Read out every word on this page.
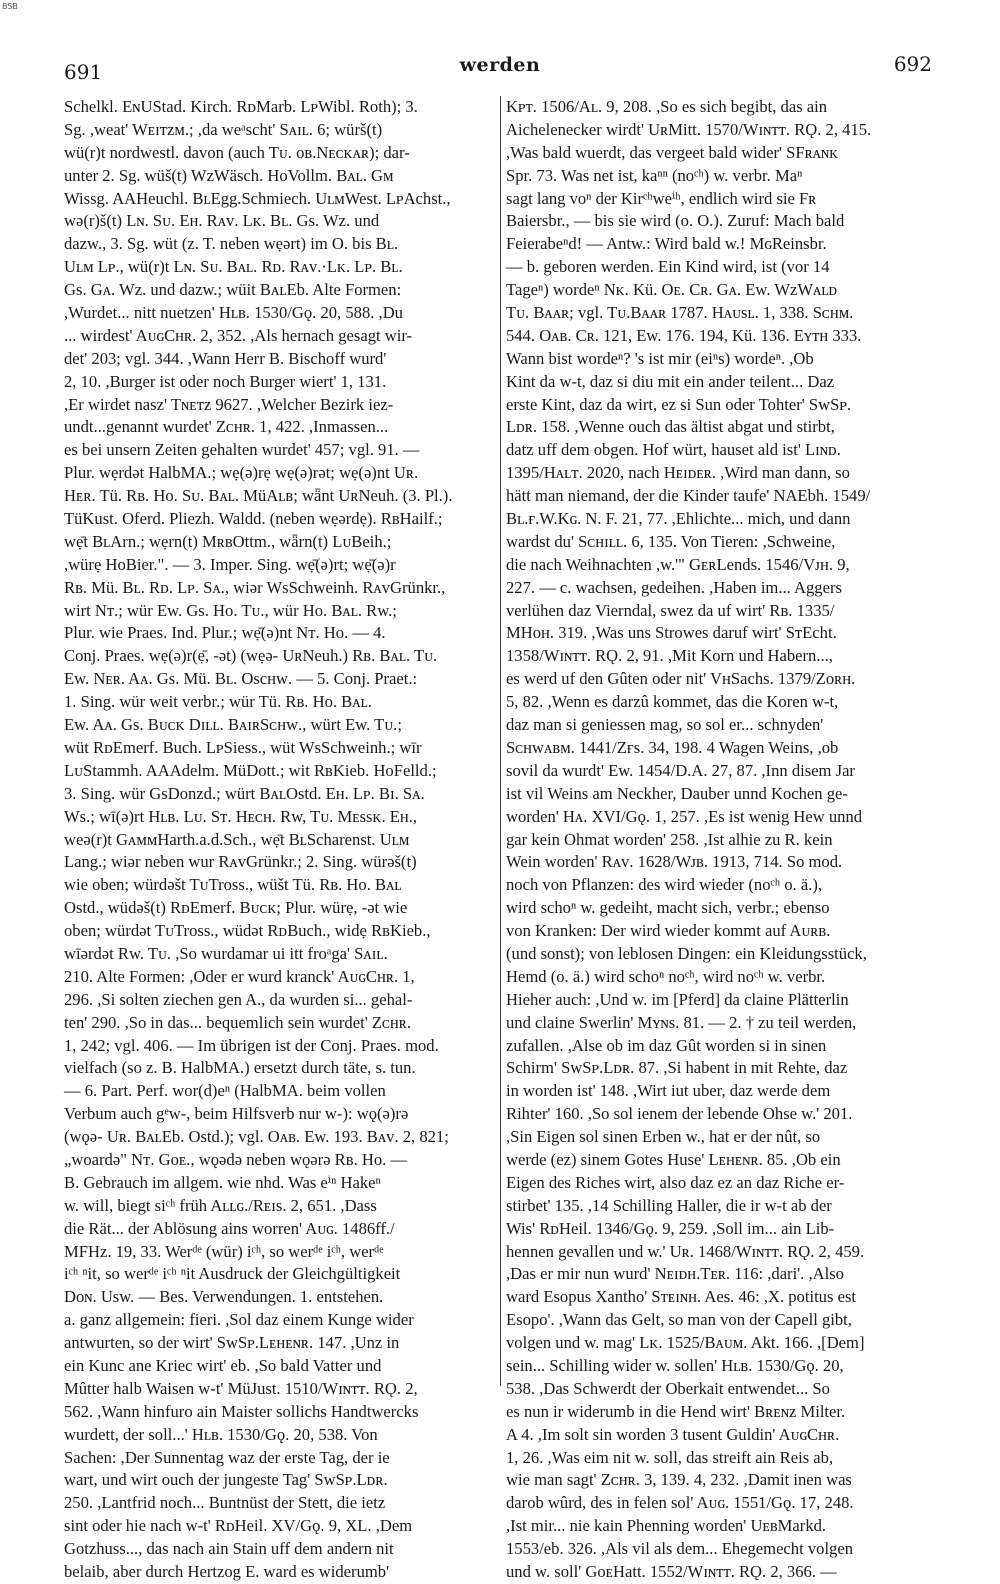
BSB
691	werden	692
Schelkl. EɴUStad. Kirch. RᴅMarb. LᴘWibl. Roth); 3.
Sg. ,weat' Wᴇɪᴛᴢᴍ.; ,da weᵃscht' Sᴀɪʟ. 6; würš(t)
wü(r)t nordwestl. davon (auch Tᴜ. ᴏʙ.Nᴇᴄᴋᴀʀ); dar-
unter 2. Sg. wüš(t) WzWäsch. HoVollm. Bᴀʟ. Gᴍ
Wissg. AAHeuchl. BʟEgg.Schmiech. UʟᴍWest. LᴘAchst.,
wə(r)š(t) Lɴ. Sᴜ. Eʜ. Rᴀᴠ. Lᴋ. Bʟ. Gs. Wz. und
dazw., 3. Sg. wüt (z. T. neben wẹərt) im O. bis Bʟ.
Uʟᴍ Lᴘ., wü(r)t Lɴ. Sᴜ. Bᴀʟ. Rᴅ. Rᴀᴠ.·Lᴋ. Lᴘ. Bʟ.
Gs. Gᴀ. Wz. und dazw.; wüit BᴀʟEb. Alte Formen:
,Wurdet... nitt nuetzen' Hʟʙ. 1530/Gǫ. 20, 588. ,Du
... wirdest' AᴜɢCʜʀ. 2, 352. ,Als hernach gesagt wir-
det' 203; vgl. 344. ,Wann Herr B. Bischoff wurd'
2, 10. ,Burger ist oder noch Burger wiert' 1, 131.
,Er wirdet nasz' Tɴᴇᴛᴢ 9627. ,Welcher Bezirk iez-
undt...genannt wurdet' Zᴄʜʀ. 1, 422. ,Inmassen...
es bei unsern Zeiten gehalten wurdet' 457; vgl. 91. —
Plur. wẹrdət HalbMA.; wẹ(ə)rẹ wẹ(ə)rət; wẹ(ə)nt Uʀ.
Hᴇʀ. Tü. Rʙ. Ho. Sᴜ. Bᴀʟ. MüAʟʙ; wǟnt UʀNeuh. (3. Pl.).
TüKust. Oferd. Pliezh. Waldd. (neben wẹərdẹ). RʙHailf.;
wẹ̄t BʟArn.; wẹrn(t) MʀʙOttm., wǟrn(t) LᴜBeih.;
,würẹ HoBier.". — 3. Imper. Sing. wẹ̄(ə)rt; wẹ̄(ə)r
Rʙ. Mü. Bʟ. Rᴅ. Lᴘ. Sᴀ., wiər WsSchweinh. RᴀᴠGrünkr.,
wirt Nᴛ.; wür Ew. Gs. Ho. Tᴜ., wür Ho. Bᴀʟ. Rw.;
Plur. wie Praes. Ind. Plur.; wẹ̄(ə)nt Nᴛ. Ho. — 4.
Conj. Praes. wẹ(ə)r(ẹ̄, -ət) (wẹə- UʀNeuh.) Rʙ. Bᴀʟ. Tᴜ.
Ew. Nᴇʀ. Aᴀ. Gs. Mü. Bʟ. Oscʜᴡ. — 5. Conj. Praet.:
1. Sing. wür weit verbr.; wür Tü. Rʙ. Ho. Bᴀʟ.
Ew. Aᴀ. Gs. Bᴜᴄᴋ Dɪʟʟ. BᴀɪʀSᴄʜᴡ., würt Ew. Tᴜ.;
wüt RᴅEmerf. Buch. LᴘSiess., wüt WsSchweinh.; wīr
LᴜStammh. AAAdelm. MüDott.; wit RʙKieb. HoFelld.;
3. Sing. wür GsDonzd.; würt BᴀʟOstd. Eʜ. Lᴘ. Bɪ. Sᴀ.
Ws.; wī(ə)rt Hʟʙ. Lᴜ. Sᴛ. Hᴇᴄʜ. Rw, Tᴜ. Mᴇssᴋ. Eʜ.,
weə(r)t GᴀᴍᴍHarth.a.d.Sch., wẹ̄t BʟScharenst. Uʟᴍ
Lang.; wiər neben wur RᴀᴠGrünkr.; 2. Sing. würəš(t)
wie oben; würdəšt TᴜTross., wüšt Tü. Rʙ. Ho. Bᴀʟ
Ostd., wüdəš(t) RᴅEmerf. Bᴜᴄᴋ; Plur. würẹ, -ət wie
oben; würdət TᴜTross., wüdət RᴅBuch., widẹ RʙKieb.,
wīərdət Rw. Tᴜ. ,So wurdamar ui itt froᵃga' Sᴀɪʟ.
210. Alte Formen: ,Oder er wurd kranck' AᴜɢCʜʀ. 1,
296. ,Si solten ziechen gen A., da wurden si... gehal-
ten' 290. ,So in das... bequemlich sein wurdet' Zᴄʜʀ.
1, 242; vgl. 406. — Im übrigen ist der Conj. Praes. mod.
vielfach (so z. B. HalbMA.) ersetzt durch täte, s. tun.
— 6. Part. Perf. wor(d)eⁿ (HalbMA. beim vollen
Verbum auch gᵉw-, beim Hilfsverb nur w-): wǫ(ə)rə
(wǫə- Uʀ. BᴀʟEb. Ostd.); vgl. Oᴀʙ. Ew. 193. Bᴀᴠ. 2, 821;
„woardə" Nᴛ. Gᴏᴇ., wǫədə neben wǫərə Rʙ. Ho. —
B. Gebrauch im allgem. wie nhd. Was eⁱⁿ Hakeⁿ
w. will, biegt siᶜʰ früh Aʟʟɢ./Rᴇɪs. 2, 651. ,Dass
die Rät... der Ablösung ains worren' Aᴜɢ. 1486ff./
MFHz. 19, 33. Werᵈᵉ (wür) iᶜʰ, so werᵈᵉ iᶜʰ, werᵈᵉ
iᶜʰ ⁿit, so werᵈᵉ iᶜʰ ⁿit Ausdruck der Gleichgültigkeit
Dᴏɴ. Usw. — Bes. Verwendungen. 1. entstehen.
a. ganz allgemein: fieri. ,Sol daz einem Kunge wider
antwurten, so der wirt' SwSᴘ.Lᴇʜᴇɴʀ. 147. ,Unz in
ein Kunc ane Kriec wirt' eb. ,So bald Vatter und
Mûtter halb Waisen w-t' MüJust. 1510/Wɪɴᴛᴛ. RǪ. 2,
562. ,Wann hinfuro ain Maister sollichs Handtwercks
wurdett, der soll...' Hʟʙ. 1530/Gǫ. 20, 538. Von
Sachen: ,Der Sunnentag waz der erste Tag, der ie
wart, und wirt ouch der jungeste Tag' SwSᴘ.Lᴅʀ.
250. ,Lantfrid noch... Buntnüst der Stett, die ietz
sint oder hie nach w-t' RᴅHeil. XV/Gǫ. 9, XL. ,Dem
Gotzhuss..., das nach ain Stain uff dem andern nit
belaib, aber durch Hertzog E. ward es widerumb'
Kᴘᴛ. 1506/Aʟ. 9, 208. ,So es sich begibt, das ain
Aichelenecker wirdt' UʀMitt. 1570/Wɪɴᴛᴛ. RǪ. 2, 415.
,Was bald wuerdt, das vergeet bald wider' SFʀᴀɴᴋ
Spr. 73. Was net ist, kaⁿⁿ (noᶜʰ) w. verbr. Maⁿ
sagt lang voⁿ der Kirᶜʰweⁱʰ, endlich wird sie Fʀ
Baiersbr., — bis sie wird (o. O.). Zuruf: Mach bald
Feierabeⁿd! — Antw.: Wird bald w.! MɢReinsbr.
— b. geboren werden. Ein Kind wird, ist (vor 14
Tageⁿ) wordeⁿ Nᴋ. Kü. Oᴇ. Cʀ. Gᴀ. Ew. WᴢWᴀʟᴅ
Tᴜ. Bᴀᴀʀ; vgl. Tᴜ.Bᴀᴀʀ 1787. Hᴀᴜsʟ. 1, 338. Sᴄʜᴍ.
544. Oᴀʙ. Cʀ. 121, Ew. 176. 194, Kü. 136. Eʏᴛʜ 333.
Wann bist wordeⁿ? 's ist mir (eiⁿs) wordeⁿ. ,Ob
Kint da w-t, daz si diu mit ein ander teilent... Daz
erste Kint, daz da wirt, ez si Sun oder Tohter' SwSᴘ.
Lᴅʀ. 158. ,Wenne ouch das ältist abgat und stirbt,
datz uff dem obgen. Hof würt, hauset ald ist' Lɪɴᴅ.
1395/Hᴀʟᴛ. 2020, nach Hᴇɪᴅᴇʀ. ,Wird man dann, so
hätt man niemand, der die Kinder taufe' NAEbh. 1549/
Bʟ.ғ.W.Kɢ. N. F. 21, 77. ,Ehlichte... mich, und dann
wardst du' Sᴄʜɪʟʟ. 6, 135. Von Tieren: ,Schweine,
die nach Weihnachten ,w.'" GᴇʀLends. 1546/Vᴊʜ. 9,
227. — c. wachsen, gedeihen. ,Haben im... Aggers
verlühen daz Vierndal, swez da uf wirt' Rʙ. 1335/
MHᴏʜ. 319. ,Was uns Strowes daruf wirt' SᴛEcht.
1358/Wɪɴᴛᴛ. RǪ. 2, 91. ,Mit Korn und Habern...,
es werd uf den Gûten oder nit' VʜSachs. 1379/Zᴏʀʜ.
5, 82. ,Wenn es darzû kommet, das die Koren w-t,
daz man si geniessen mag, so sol er... schnyden'
Sᴄʜᴡᴀʙᴍ. 1441/Zғs. 34, 198. 4 Wagen Weins, ,ob
sovil da wurdt' Ew. 1454/D.A. 27, 87. ,Inn disem Jar
ist vil Weins am Neckher, Dauber unnd Kochen ge-
worden' Hᴀ. XVI/Gǫ. 1, 257. ,Es ist wenig Hew unnd
gar kein Ohmat worden' 258. ,Ist alhie zu R. kein
Wein worden' Rᴀᴠ. 1628/Wᴊʙ. 1913, 714. So mod.
noch von Pflanzen: des wird wieder (noᶜʰ o. ä.),
wird schoⁿ w. gedeiht, macht sich, verbr.; ebenso
von Kranken: Der wird wieder kommt auf Aᴜʀʙ.
(und sonst); von leblosen Dingen: ein Kleidungsstück,
Hemd (o. ä.) wird schoⁿ noᶜʰ, wird noᶜʰ w. verbr.
Hieher auch: ,Und w. im [Pferd] da claine Plätterlin
und claine Swerlin' Mʏɴs. 81. — 2. † zu teil werden,
zufallen. ,Alse ob im daz Gût worden si in sinen
Schirm' SwSᴘ.Lᴅʀ. 87. ,Si habent in mit Rehte, daz
in worden ist' 148. ,Wirt iut uber, daz werde dem
Rihter' 160. ,So sol ienem der lebende Ohse w.' 201.
,Sin Eigen sol sinen Erben w., hat er der nût, so
werde (ez) sinem Gotes Huse' Lᴇʜᴇɴʀ. 85. ,Ob ein
Eigen des Riches wirt, also daz ez an daz Riche er-
stirbet' 135. ,14 Schilling Haller, die ir w-t ab der
Wis' RᴅHeil. 1346/Gǫ. 9, 259. ,Soll im... ain Lib-
hennen gevallen und w.' Uʀ. 1468/Wɪɴᴛᴛ. RǪ. 2, 459.
,Das er mir nun wurd' Nᴇɪᴅʜ.Tᴇʀ. 116: ,dari'. ,Also
ward Esopus Xantho' Sᴛᴇɪɴʜ. Aes. 46: ,X. potitus est
Esopo'. ,Wann das Gelt, so man von der Capell gibt,
volgen und w. mag' Lᴋ. 1525/Bᴀᴜᴍ. Akt. 166. ,[Dem]
sein... Schilling wider w. sollen' Hʟʙ. 1530/Gǫ. 20,
538. ,Das Schwerdt der Oberkait entwendet... So
es nun ir widerumb in die Hend wirt' Bʀᴇɴᴢ Milter.
A 4. ,Im solt sin worden 3 tusent Guldin' AᴜɢCʜʀ.
1, 26. ,Was eim nit w. soll, das streift ain Reis ab,
wie man sagt' Zᴄʜʀ. 3, 139. 4, 232. ,Damit inen was
darob wûrd, des in felen sol' Aᴜɢ. 1551/Gǫ. 17, 248.
,Ist mir... nie kain Phenning worden' UᴇʙMarkd.
1553/eb. 326. ,Als vil als dem... Ehegemecht volgen
und w. soll' GᴏᴇHatt. 1552/Wɪɴᴛᴛ. RǪ. 2, 366. —
